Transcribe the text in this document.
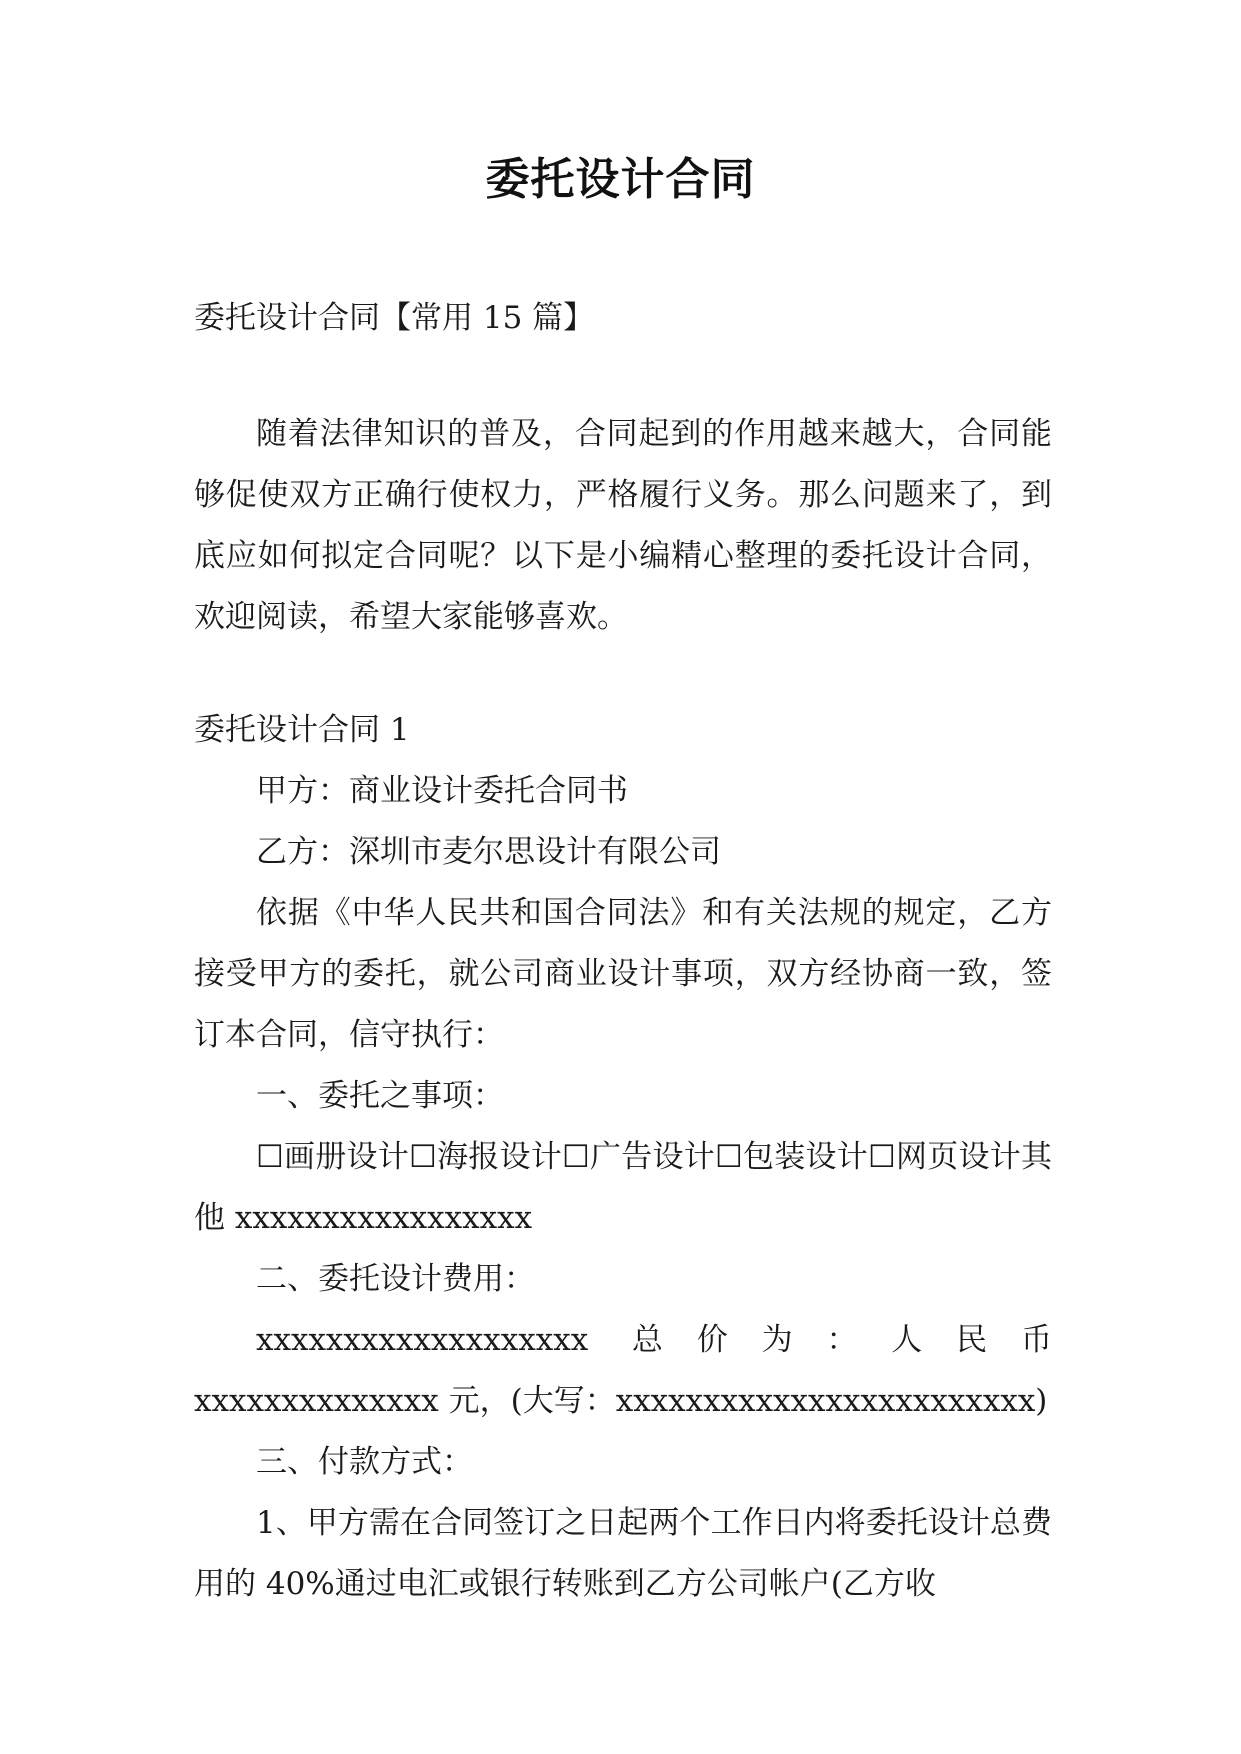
委托设计合同
委托设计合同【常用 15 篇】

随着法律知识的普及，合同起到的作用越来越大，合同能够促使双方正确行使权力，严格履行义务。那么问题来了，到底应如何拟定合同呢？以下是小编精心整理的委托设计合同，欢迎阅读，希望大家能够喜欢。

委托设计合同 1

甲方：商业设计委托合同书

乙方：深圳市麦尔思设计有限公司

依据《中华人民共和国合同法》和有关法规的规定，乙方接受甲方的委托，就公司商业设计事项，双方经协商一致，签订本合同，信守执行：

一、委托之事项：

☐画册设计☐海报设计☐广告设计☐包装设计☐网页设计其他 xxxxxxxxxxxxxxxxx

二、委托设计费用：

xxxxxxxxxxxxxxxxxxx 总价为：人民币 xxxxxxxxxxxxxx 元，(大写：xxxxxxxxxxxxxxxxxxxxxxxx)

三、付款方式：

1、甲方需在合同签订之日起两个工作日内将委托设计总费用的 40%通过电汇或银行转账到乙方公司帐户(乙方收
